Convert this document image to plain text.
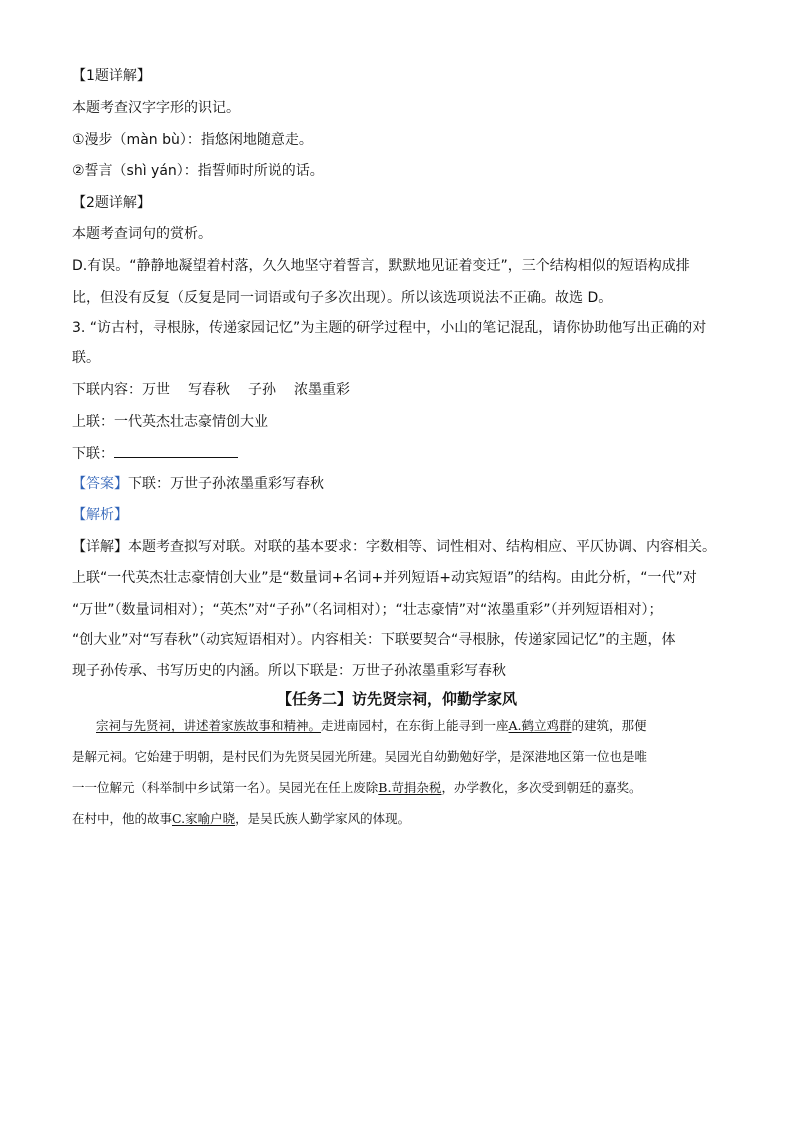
【1题详解】
本题考查汉字字形的识记。
①漫步（màn bù）：指悠闲地随意走。
②誓言（shì yán）：指誓师时所说的话。
【2题详解】
本题考查词句的赏析。
D.有误。“静静地凝望着村落，久久地坚守着誓言，默默地见证着变迁”，三个结构相似的短语构成排
比，但没有反复（反复是同一词语或句子多次出现）。所以该选项说法不正确。故选 D。
3. “访古村，寻根脉，传递家园记忆”为主题的研学过程中，小山的笔记混乱，请你协助他写出正确的对
联。
下联内容：万世 写春秋 子孙 浓墨重彩
上联：一代英杰壮志豪情创大业
下联：
【答案】下联：万世子孙浓墨重彩写春秋
【解析】
【详解】本题考查拟写对联。对联的基本要求：字数相等、词性相对、结构相应、平仄协调、内容相关。
上联“一代英杰壮志豪情创大业”是“数量词+名词+并列短语+动宾短语”的结构。由此分析，“一代”对
“万世”（数量词相对）；“英杰”对“子孙”（名词相对）；“壮志豪情”对“浓墨重彩”（并列短语相对）；
“创大业”对“写春秋”（动宾短语相对）。内容相关：下联要契合“寻根脉，传递家园记忆”的主题，体
现子孙传承、书写历史的内涵。所以下联是：万世子孙浓墨重彩写春秋
【任务二】访先贤宗祠，仰勤学家风
宗祠与先贤祠，讲述着家族故事和精神。走进南园村，在东街上能寻到一座A.鹤立鸡群的建筑，那便
是解元祠。它始建于明朝，是村民们为先贤吴园光所建。吴园光自幼勤勉好学，是深港地区第一位也是唯
一一位解元（科举制中乡试第一名）。吴园光在任上废除B.苛捐杂税，办学教化，多次受到朝廷的嘉奖。
在村中，他的故事C.家喻户晓，是吴氏族人勤学家风的体现。
